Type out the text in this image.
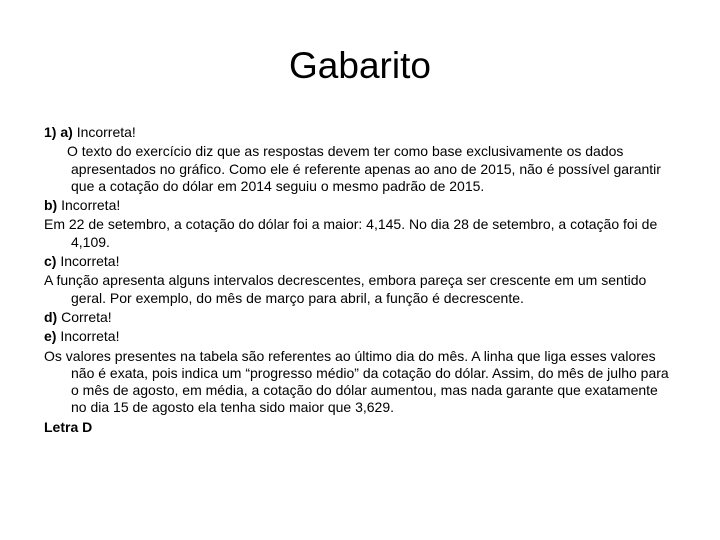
Gabarito

1) a) Incorreta!

O texto do exercício diz que as respostas devem ter como base exclusivamente os dados apresentados no gráfico. Como ele é referente apenas ao ano de 2015, não é possível garantir que a cotação do dólar em 2014 seguiu o mesmo padrão de 2015.

b) Incorreta!

Em 22 de setembro, a cotação do dólar foi a maior: 4,145. No dia 28 de setembro, a cotação foi de 4,109.

c) Incorreta!

A função apresenta alguns intervalos decrescentes, embora pareça ser crescente em um sentido geral. Por exemplo, do mês de março para abril, a função é decrescente.

d) Correta!

e) Incorreta!

Os valores presentes na tabela são referentes ao último dia do mês. A linha que liga esses valores não é exata, pois indica um “progresso médio” da cotação do dólar. Assim, do mês de julho para o mês de agosto, em média, a cotação do dólar aumentou, mas nada garante que exatamente no dia 15 de agosto ela tenha sido maior que 3,629.

Letra D
